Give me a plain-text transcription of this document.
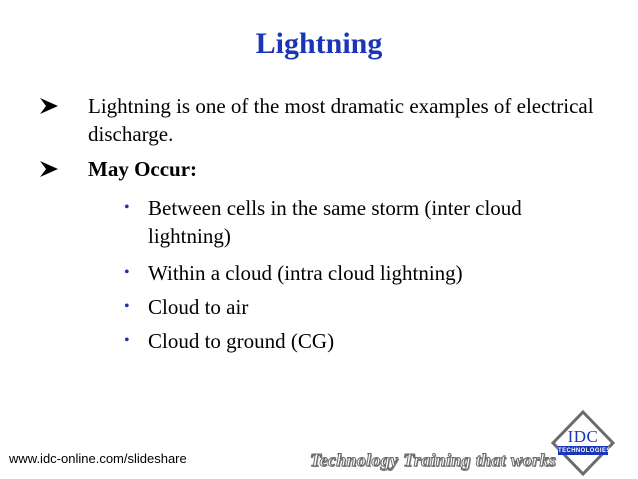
Lightning
Lightning is one of the most dramatic examples of electrical discharge.
May Occur:
• Between cells in the same storm (inter cloud lightning)
• Within a cloud (intra cloud lightning)
• Cloud to air
• Cloud to ground (CG)
www.idc-online.com/slideshare	Technology Training that works
IDC
TECHNOLOGIES
